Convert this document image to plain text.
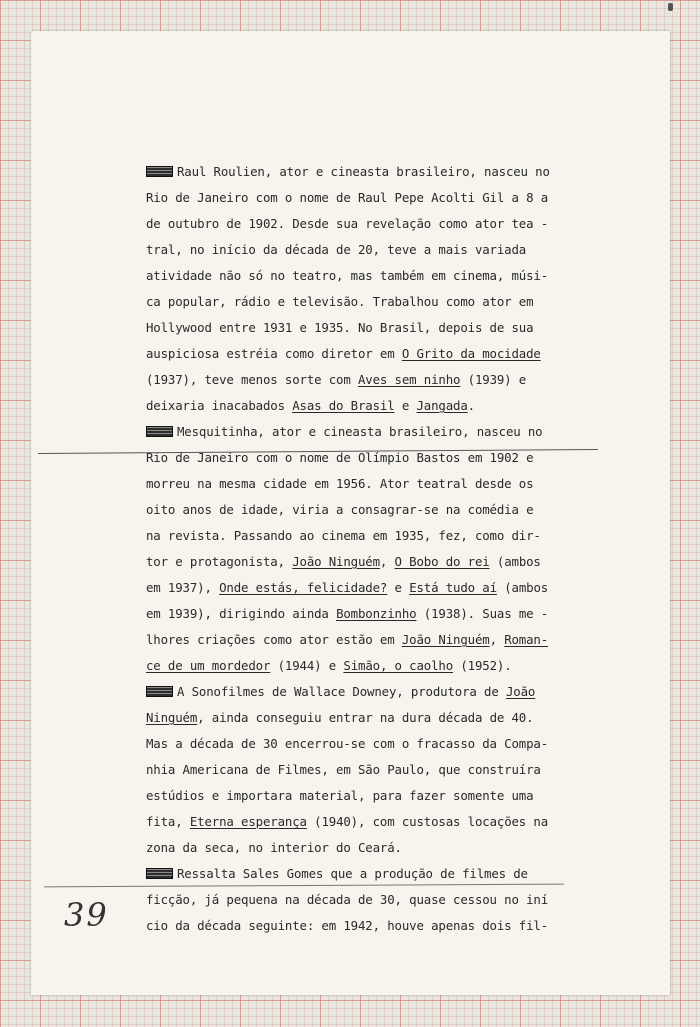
Raul Roulien, ator e cineasta brasileiro, nasceu no
Rio de Janeiro com o nome de Raul Pepe Acolti Gil a 8 a
de outubro de 1902. Desde sua revelação como ator tea -
tral, no início da década de 20, teve a mais variada
atividade não só no teatro, mas também em cinema, músi-
ca popular, rádio e televisão. Trabalhou como ator em
Hollywood entre 1931 e 1935. No Brasil, depois de sua
auspiciosa estréia como diretor em O Grito da mocidade
(1937), teve menos sorte com Aves sem ninho (1939) e
deixaria inacabados Asas do Brasil e Jangada.
Mesquitinha, ator e cineasta brasileiro, nasceu no
Rio de Janeiro com o nome de Olímpio Bastos em 1902 e
morreu na mesma cidade em 1956. Ator teatral desde os
oito anos de idade, viria a consagrar-se na comédia e
na revista. Passando ao cinema em 1935, fez, como dir-
tor e protagonista, João Ninguém, O Bobo do rei (ambos
em 1937), Onde estás, felicidade? e Está tudo aí (ambos
em 1939), dirigindo ainda Bombonzinho (1938). Suas me -
lhores criações como ator estão em João Ninguém, Roman-
ce de um mordedor (1944) e Simão, o caolho (1952).
A Sonofilmes de Wallace Downey, produtora de João
Ninguém, ainda conseguiu entrar na dura década de 40.
Mas a década de 30 encerrou-se com o fracasso da Compa-
nhia Americana de Filmes, em São Paulo, que construíra
estúdios e importara material, para fazer somente uma
fita, Eterna esperança (1940), com custosas locações na
zona da seca, no interior do Ceará.
Ressalta Sales Gomes que a produção de filmes de
ficção, já pequena na década de 30, quase cessou no iní
cio da década seguinte: em 1942, houve apenas dois fil-
39
